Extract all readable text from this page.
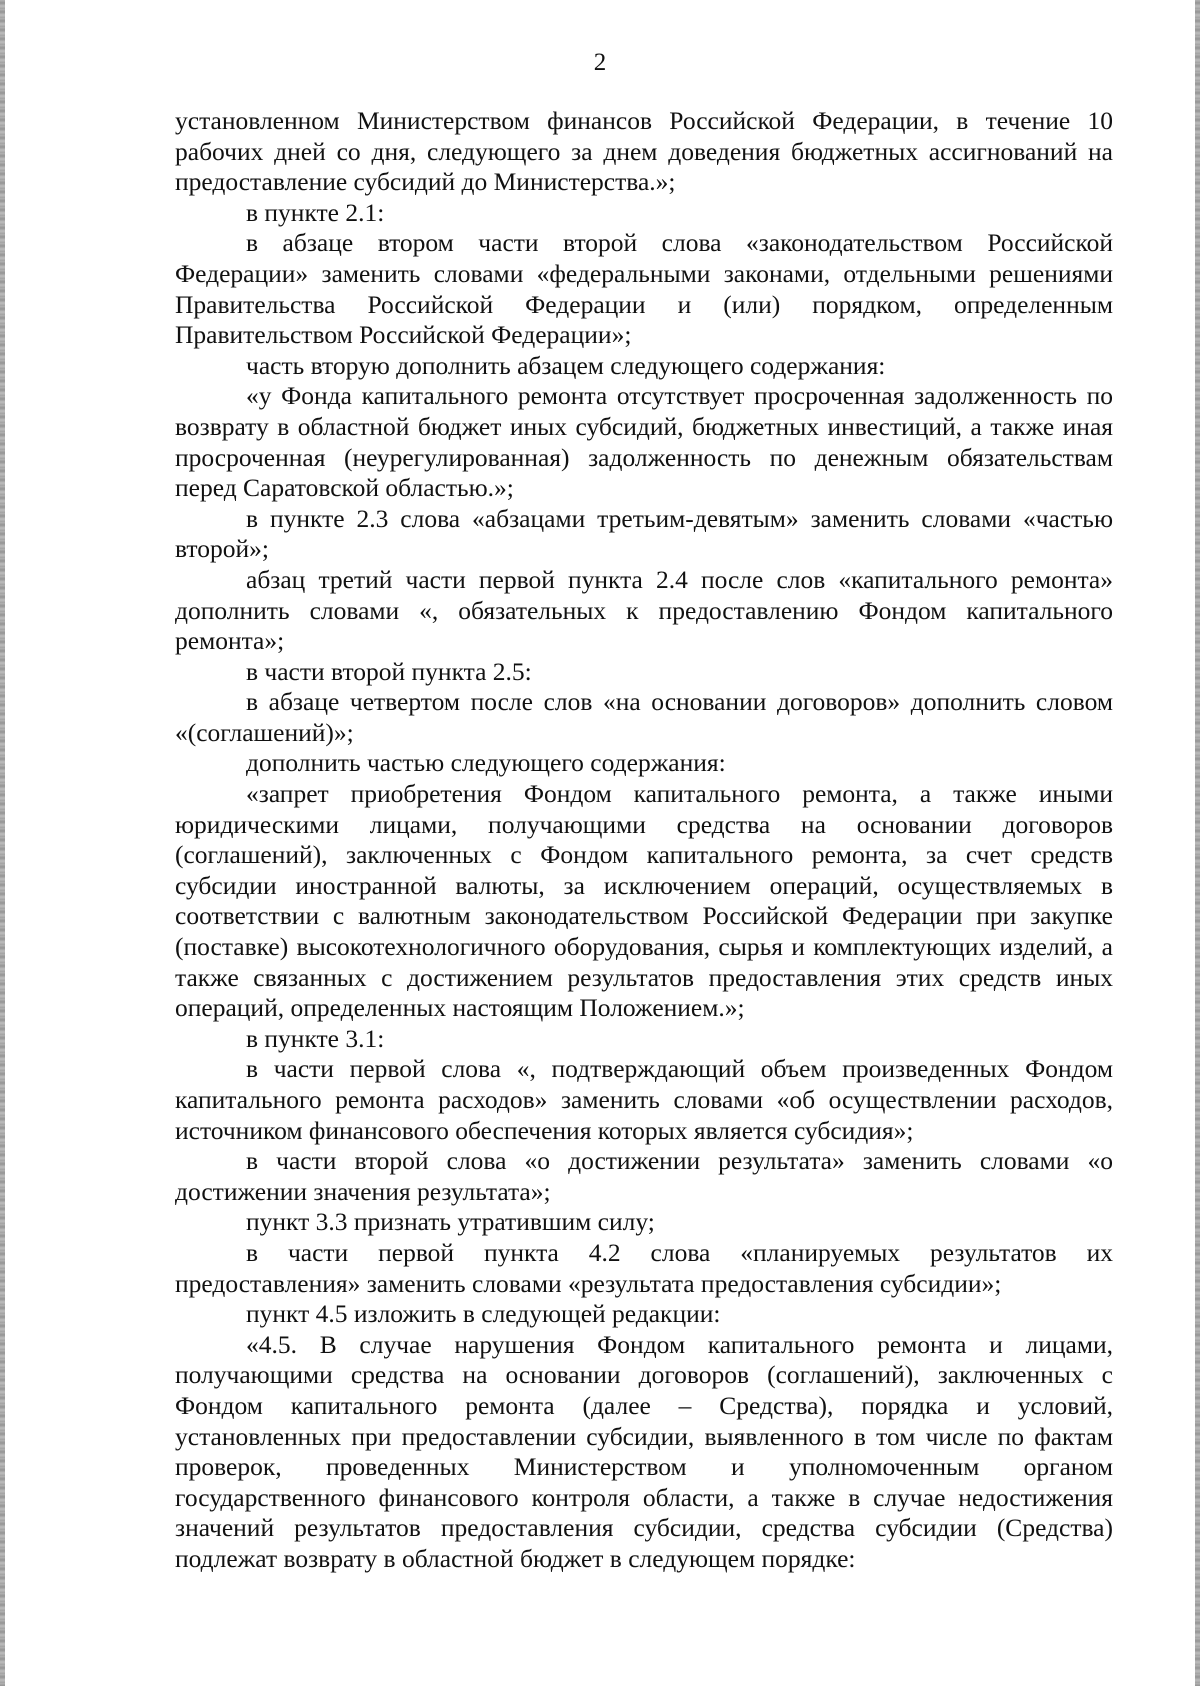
2

установленном Министерством финансов Российской Федерации, в течение 10 рабочих дней со дня, следующего за днем доведения бюджетных ассигнований на предоставление субсидий до Министерства.»;

в пункте 2.1:

в абзаце втором части второй слова «законодательством Российской Федерации» заменить словами «федеральными законами, отдельными решениями Правительства Российской Федерации и (или) порядком, определенным Правительством Российской Федерации»;

часть вторую дополнить абзацем следующего содержания:

«у Фонда капитального ремонта отсутствует просроченная задолженность по возврату в областной бюджет иных субсидий, бюджетных инвестиций, а также иная просроченная (неурегулированная) задолженность по денежным обязательствам перед Саратовской областью.»;

в пункте 2.3 слова «абзацами третьим-девятым» заменить словами «частью второй»;

абзац третий части первой пункта 2.4 после слов «капитального ремонта» дополнить словами «, обязательных к предоставлению Фондом капитального ремонта»;

в части второй пункта 2.5:

в абзаце четвертом после слов «на основании договоров» дополнить словом «(соглашений)»;

дополнить частью следующего содержания:

«запрет приобретения Фондом капитального ремонта, а также иными юридическими лицами, получающими средства на основании договоров (соглашений), заключенных с Фондом капитального ремонта, за счет средств субсидии иностранной валюты, за исключением операций, осуществляемых в соответствии с валютным законодательством Российской Федерации при закупке (поставке) высокотехнологичного оборудования, сырья и комплектующих изделий, а также связанных с достижением результатов предоставления этих средств иных операций, определенных настоящим Положением.»;

в пункте 3.1:

в части первой слова «, подтверждающий объем произведенных Фондом капитального ремонта расходов» заменить словами «об осуществлении расходов, источником финансового обеспечения которых является субсидия»;

в части второй слова «о достижении результата» заменить словами «о достижении значения результата»;

пункт 3.3 признать утратившим силу;

в части первой пункта 4.2 слова «планируемых результатов их предоставления» заменить словами «результата предоставления субсидии»;

пункт 4.5 изложить в следующей редакции:

«4.5. В случае нарушения Фондом капитального ремонта и лицами, получающими средства на основании договоров (соглашений), заключенных с Фондом капитального ремонта (далее – Средства), порядка и условий, установленных при предоставлении субсидии, выявленного в том числе по фактам проверок, проведенных Министерством и уполномоченным органом государственного финансового контроля области, а также в случае недостижения значений результатов предоставления субсидии, средства субсидии (Средства) подлежат возврату в областной бюджет в следующем порядке:
